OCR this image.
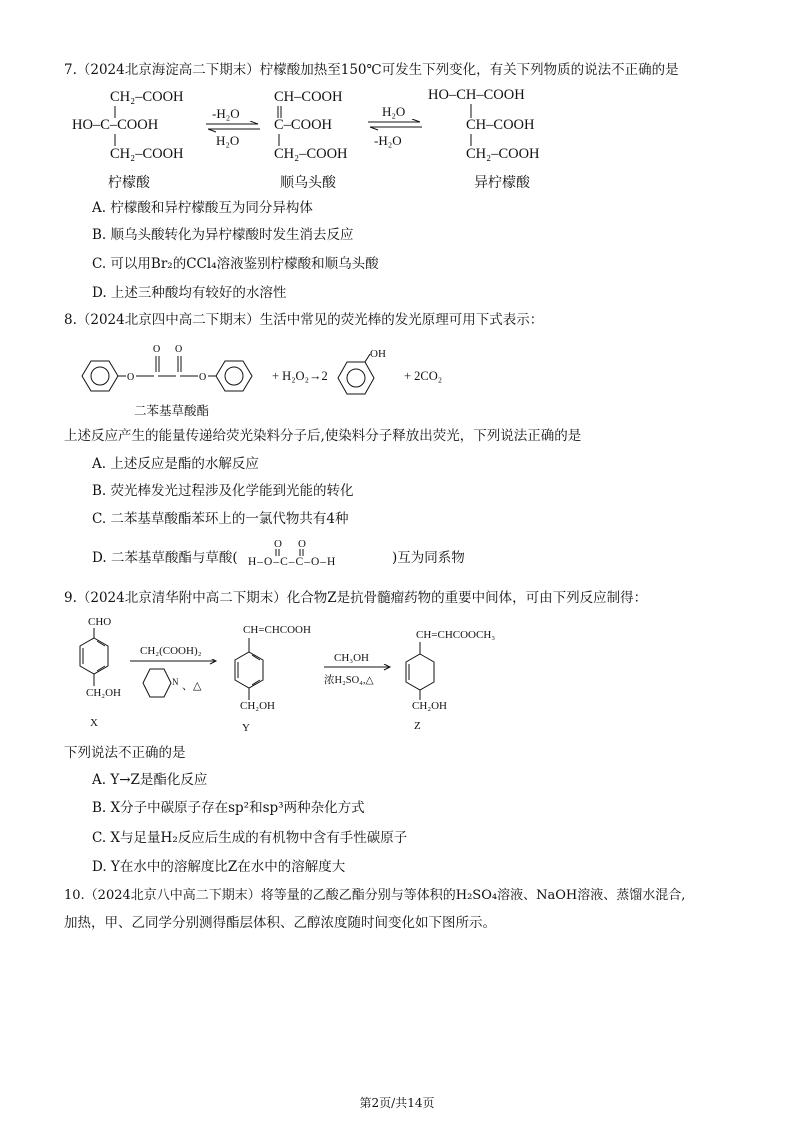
7.（2024北京海淀高二下期末）柠檬酸加热至150℃可发生下列变化，有关下列物质的说法不正确的是
CH₂–COOH
HO–C–COOH
CH₂–COOH
柠檬酸
-H₂O
H₂O
CH–COOH
C–COOH
CH₂–COOH
顺乌头酸
H₂O
-H₂O
HO–CH–COOH
CH–COOH
CH₂–COOH
异柠檬酸
A. 柠檬酸和异柠檬酸互为同分异构体
B. 顺乌头酸转化为异柠檬酸时发生消去反应
C. 可以用Br₂的CCl₄溶液鉴别柠檬酸和顺乌头酸
D. 上述三种酸均有较好的水溶性
8.（2024北京四中高二下期末）生活中常见的荧光棒的发光原理可用下式表示：
O
O O
O	+ H₂O₂→2
OH
+ 2CO₂
二苯基草酸酯
上述反应产生的能量传递给荧光染料分子后,使染料分子释放出荧光，下列说法正确的是
A. 上述反应是酯的水解反应
B. 荧光棒发光过程涉及化学能到光能的转化
C. 二苯基草酸酯苯环上的一氯代物共有4种
D. 二苯基草酸酯与草酸(
O O
H–O–C–C–O–H	)互为同系物
9.（2024北京清华附中高二下期末）化合物Z是抗骨髓瘤药物的重要中间体，可由下列反应制得：
CHO
CH₂OH
X
CH₂(COOH)₂
N 、△
CH=CHCOOH
CH₂OH
Y
CH₃OH
浓H₂SO₄,△
CH=CHCOOCH₃
CH₂OH
Z
下列说法不正确的是
A. Y→Z是酯化反应
B. X分子中碳原子存在sp²和sp³两种杂化方式
C. X与足量H₂反应后生成的有机物中含有手性碳原子
D. Y在水中的溶解度比Z在水中的溶解度大
10.（2024北京八中高二下期末）将等量的乙酸乙酯分别与等体积的H₂SO₄溶液、NaOH溶液、蒸馏水混合,
加热，甲、乙同学分别测得酯层体积、乙醇浓度随时间变化如下图所示。
第2页/共14页
